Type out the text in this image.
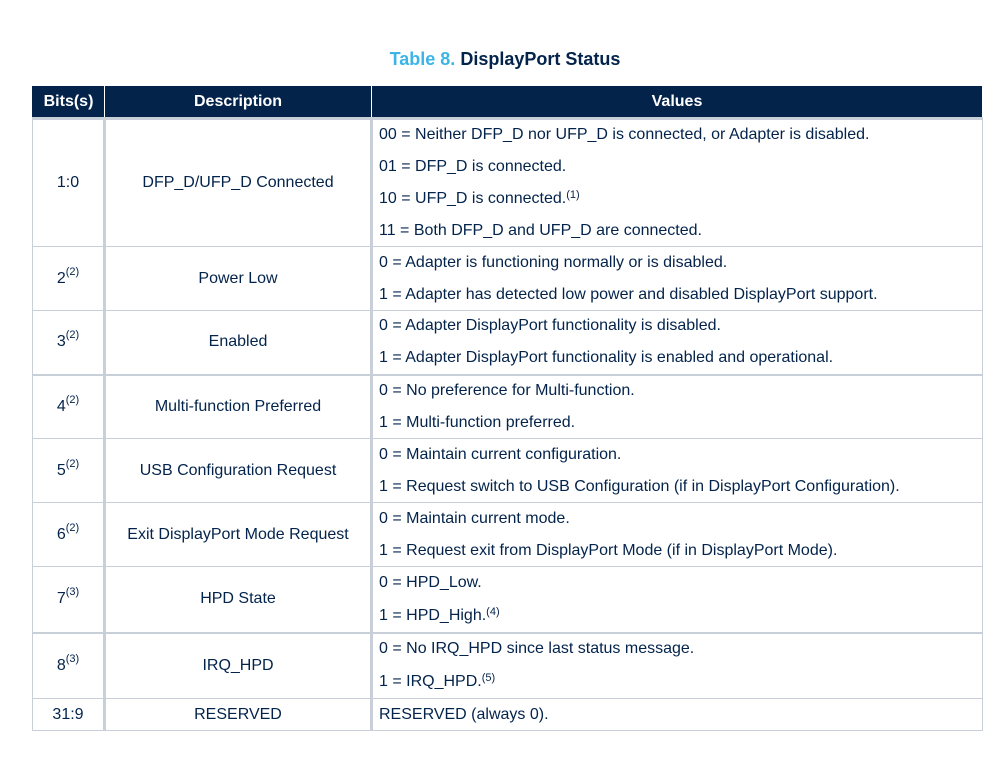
Table 8. DisplayPort Status
Bits(s)	Description	Values
1:0	DFP_D/UFP_D Connected	00 = Neither DFP_D nor UFP_D is connected, or Adapter is disabled.
01 = DFP_D is connected.
10 = UFP_D is connected.$^{(1)}$
11 = Both DFP_D and UFP_D are connected.

2$^{(2)}$	Power Low	0 = Adapter is functioning normally or is disabled.
1 = Adapter has detected low power and disabled DisplayPort support.

3$^{(2)}$	Enabled	0 = Adapter DisplayPort functionality is disabled.
1 = Adapter DisplayPort functionality is enabled and operational.

4$^{(2)}$	Multi-function Preferred	0 = No preference for Multi-function.
1 = Multi-function preferred.

5$^{(2)}$	USB Configuration Request	0 = Maintain current configuration.
1 = Request switch to USB Configuration (if in DisplayPort Configuration).

6$^{(2)}$	Exit DisplayPort Mode Request	0 = Maintain current mode.
1 = Request exit from DisplayPort Mode (if in DisplayPort Mode).

7$^{(3)}$	HPD State	0 = HPD_Low.
1 = HPD_High.$^{(4)}$

8$^{(3)}$	IRQ_HPD	0 = No IRQ_HPD since last status message.
1 = IRQ_HPD.$^{(5)}$

31:9	RESERVED	RESERVED (always 0).
